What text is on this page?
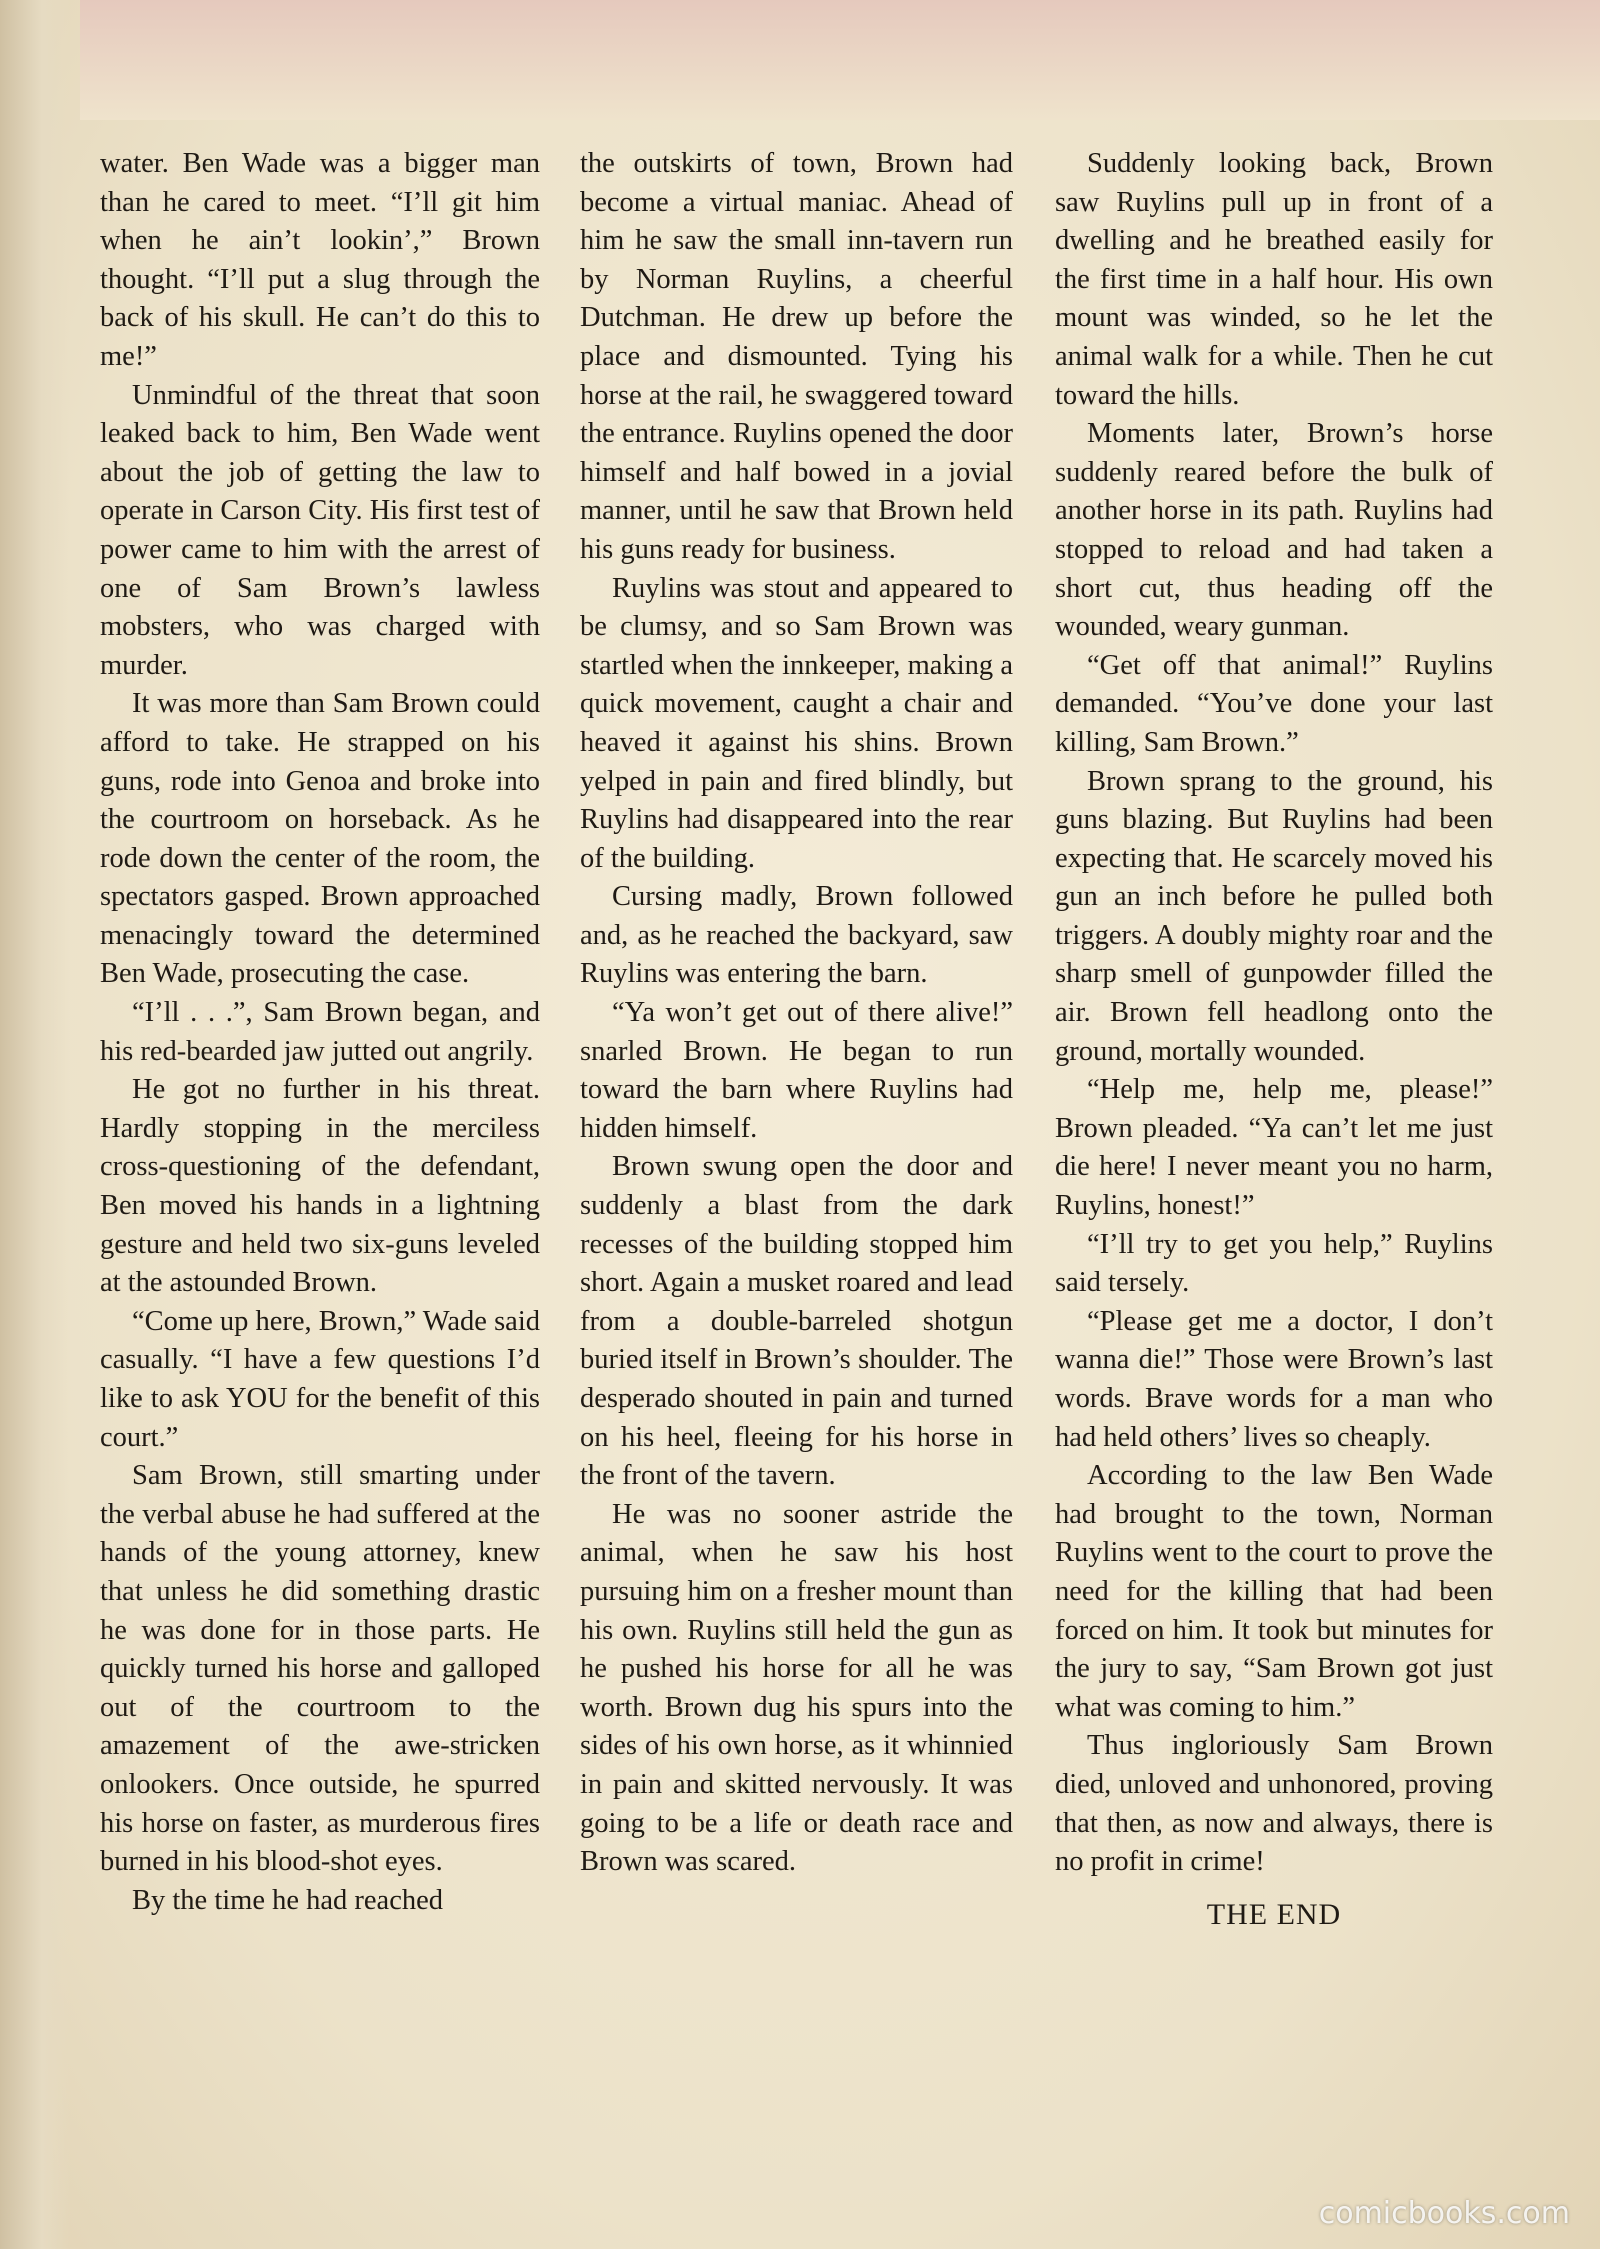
water. Ben Wade was a bigger man than he cared to meet. “I’ll git him when he ain’t lookin’,” Brown thought. “I’ll put a slug through the back of his skull. He can’t do this to me!”

Unmindful of the threat that soon leaked back to him, Ben Wade went about the job of getting the law to operate in Carson City. His first test of power came to him with the arrest of one of Sam Brown’s lawless mobsters, who was charged with murder.

It was more than Sam Brown could afford to take. He strapped on his guns, rode into Genoa and broke into the courtroom on horseback. As he rode down the center of the room, the spectators gasped. Brown approached menacingly toward the determined Ben Wade, prosecuting the case.

“I’ll . . .”, Sam Brown began, and his red-bearded jaw jutted out angrily.

He got no further in his threat. Hardly stopping in the merciless cross-questioning of the defendant, Ben moved his hands in a lightning gesture and held two six-guns leveled at the astounded Brown.

“Come up here, Brown,” Wade said casually. “I have a few questions I’d like to ask YOU for the benefit of this court.”

Sam Brown, still smarting under the verbal abuse he had suffered at the hands of the young attorney, knew that unless he did something drastic he was done for in those parts. He quickly turned his horse and galloped out of the courtroom to the amazement of the awe-stricken onlookers. Once outside, he spurred his horse on faster, as murderous fires burned in his blood-shot eyes.

By the time he had reached

the outskirts of town, Brown had become a virtual maniac. Ahead of him he saw the small inn-tavern run by Norman Ruylins, a cheerful Dutchman. He drew up before the place and dismounted. Tying his horse at the rail, he swaggered toward the entrance. Ruylins opened the door himself and half bowed in a jovial manner, until he saw that Brown held his guns ready for business.

Ruylins was stout and appeared to be clumsy, and so Sam Brown was startled when the innkeeper, making a quick movement, caught a chair and heaved it against his shins. Brown yelped in pain and fired blindly, but Ruylins had disappeared into the rear of the building.

Cursing madly, Brown followed and, as he reached the backyard, saw Ruylins was entering the barn.

“Ya won’t get out of there alive!” snarled Brown. He began to run toward the barn where Ruylins had hidden himself.

Brown swung open the door and suddenly a blast from the dark recesses of the building stopped him short. Again a musket roared and lead from a double-barreled shotgun buried itself in Brown’s shoulder. The desperado shouted in pain and turned on his heel, fleeing for his horse in the front of the tavern.

He was no sooner astride the animal, when he saw his host pursuing him on a fresher mount than his own. Ruylins still held the gun as he pushed his horse for all he was worth. Brown dug his spurs into the sides of his own horse, as it whinnied in pain and skitted nervously. It was going to be a life or death race and Brown was scared.

Suddenly looking back, Brown saw Ruylins pull up in front of a dwelling and he breathed easily for the first time in a half hour. His own mount was winded, so he let the animal walk for a while. Then he cut toward the hills.

Moments later, Brown’s horse suddenly reared before the bulk of another horse in its path. Ruylins had stopped to reload and had taken a short cut, thus heading off the wounded, weary gunman.

“Get off that animal!” Ruylins demanded. “You’ve done your last killing, Sam Brown.”

Brown sprang to the ground, his guns blazing. But Ruylins had been expecting that. He scarcely moved his gun an inch before he pulled both triggers. A doubly mighty roar and the sharp smell of gunpowder filled the air. Brown fell headlong onto the ground, mortally wounded.

“Help me, help me, please!” Brown pleaded. “Ya can’t let me just die here! I never meant you no harm, Ruylins, honest!”

“I’ll try to get you help,” Ruylins said tersely.

“Please get me a doctor, I don’t wanna die!” Those were Brown’s last words. Brave words for a man who had held others’ lives so cheaply.

According to the law Ben Wade had brought to the town, Norman Ruylins went to the court to prove the need for the killing that had been forced on him. It took but minutes for the jury to say, “Sam Brown got just what was coming to him.”

Thus ingloriously Sam Brown died, unloved and unhonored, proving that then, as now and always, there is no profit in crime!

THE END
comicbooks.com
